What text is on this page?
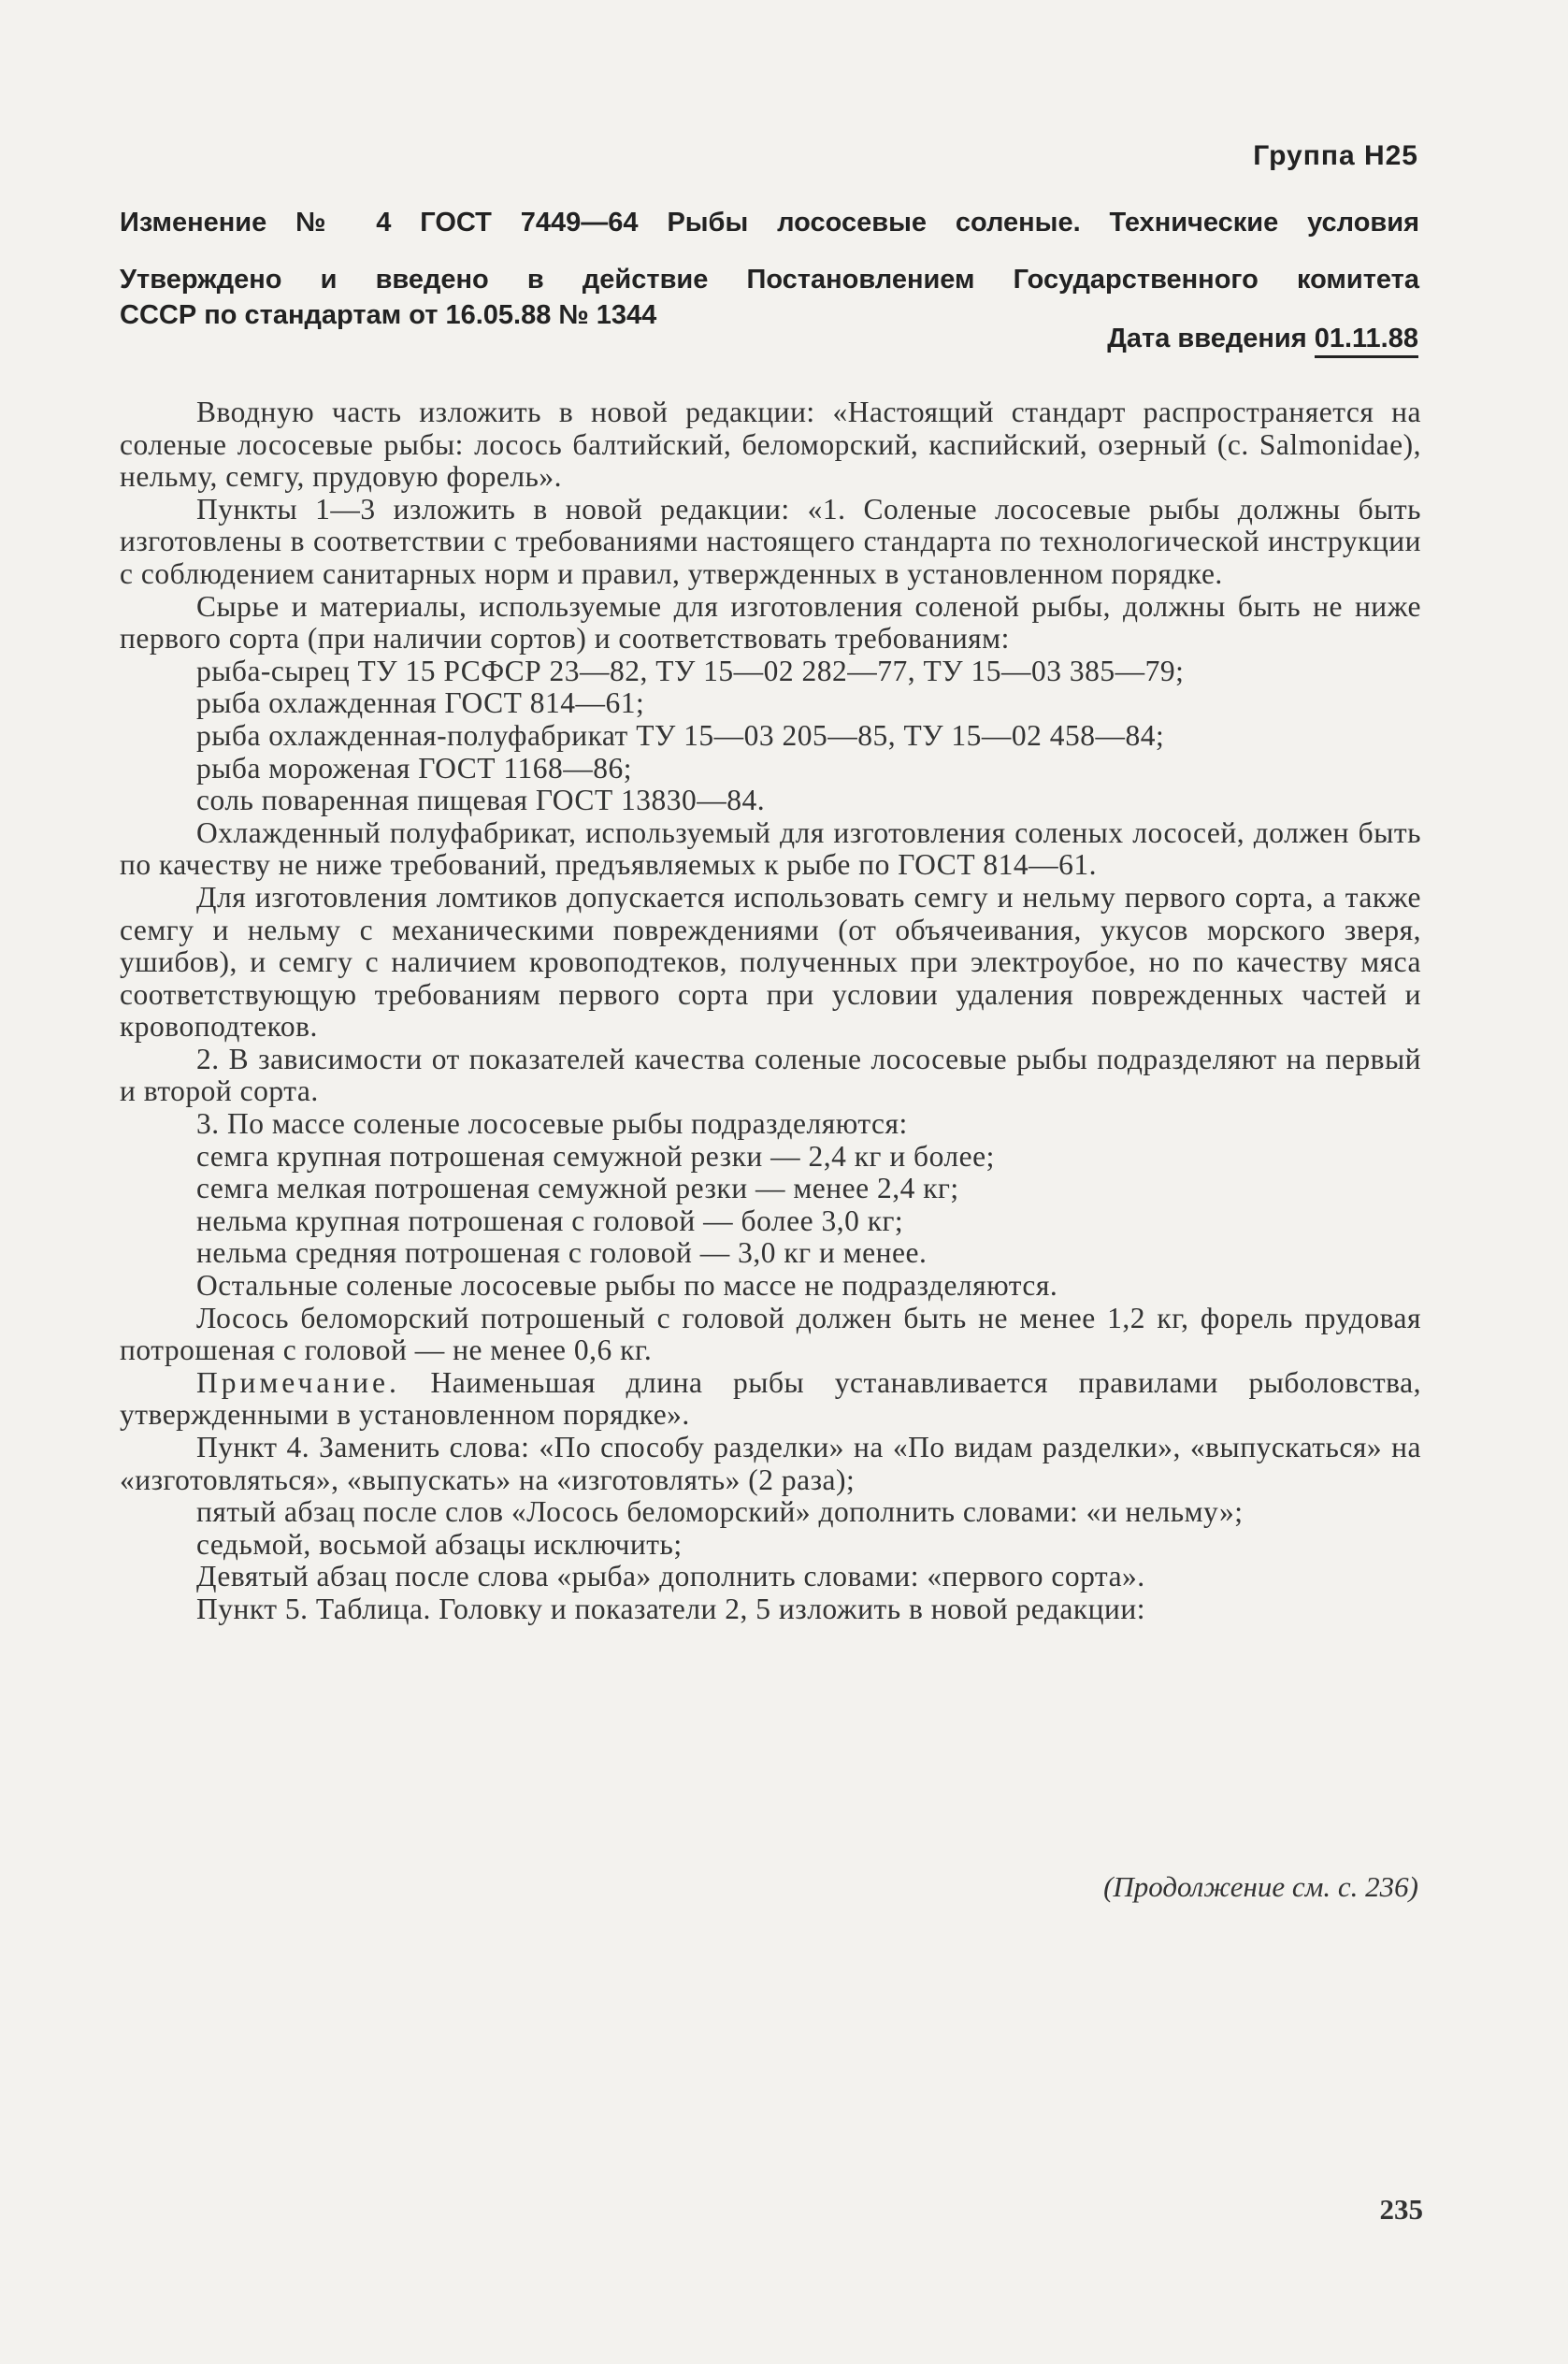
Группа Н25
Изменение № 4 ГОСТ 7449—64 Рыбы лососевые соленые. Технические условия
Утверждено и введено в действие Постановлением Государственного комитета
СССР по стандартам от 16.05.88 № 1344
Дата введения 01.11.88

Вводную часть изложить в новой редакции: «Настоящий стандарт распространяется на соленые лососевые рыбы: лосось балтийский, беломорский, каспийский, озерный (с. Salmonidae), нельму, семгу, прудовую форель».

Пункты 1—3 изложить в новой редакции: «1. Соленые лососевые рыбы должны быть изготовлены в соответствии с требованиями настоящего стандарта по технологической инструкции с соблюдением санитарных норм и правил, утвержденных в установленном порядке.

Сырье и материалы, используемые для изготовления соленой рыбы, должны быть не ниже первого сорта (при наличии сортов) и соответствовать требованиям:

рыба-сырец ТУ 15 РСФСР 23—82, ТУ 15—02 282—77, ТУ 15—03 385—79;

рыба охлажденная ГОСТ 814—61;

рыба охлажденная-полуфабрикат ТУ 15—03 205—85, ТУ 15—02 458—84;

рыба мороженая ГОСТ 1168—86;

соль поваренная пищевая ГОСТ 13830—84.

Охлажденный полуфабрикат, используемый для изготовления соленых лососей, должен быть по качеству не ниже требований, предъявляемых к рыбе по ГОСТ 814—61.

Для изготовления ломтиков допускается использовать семгу и нельму первого сорта, а также семгу и нельму с механическими повреждениями (от объячеивания, укусов морского зверя, ушибов), и семгу с наличием кровоподтеков, полученных при электроубое, но по качеству мяса соответствующую требованиям первого сорта при условии удаления поврежденных частей и кровоподтеков.

2. В зависимости от показателей качества соленые лососевые рыбы подразделяют на первый и второй сорта.

3. По массе соленые лососевые рыбы подразделяются:

семга крупная потрошеная семужной резки — 2,4 кг и более;

семга мелкая потрошеная семужной резки — менее 2,4 кг;

нельма крупная потрошеная с головой — более 3,0 кг;

нельма средняя потрошеная с головой — 3,0 кг и менее.

Остальные соленые лососевые рыбы по массе не подразделяются.

Лосось беломорский потрошеный с головой должен быть не менее 1,2 кг, форель прудовая потрошеная с головой — не менее 0,6 кг.

Примечание. Наименьшая длина рыбы устанавливается правилами рыболовства, утвержденными в установленном порядке».

Пункт 4. Заменить слова: «По способу разделки» на «По видам разделки», «выпускаться» на «изготовляться», «выпускать» на «изготовлять» (2 раза);

пятый абзац после слов «Лосось беломорский» дополнить словами: «и нельму»;

седьмой, восьмой абзацы исключить;

Девятый абзац после слова «рыба» дополнить словами: «первого сорта».

Пункт 5. Таблица. Головку и показатели 2, 5 изложить в новой редакции:

(Продолжение см. с. 236)
235
